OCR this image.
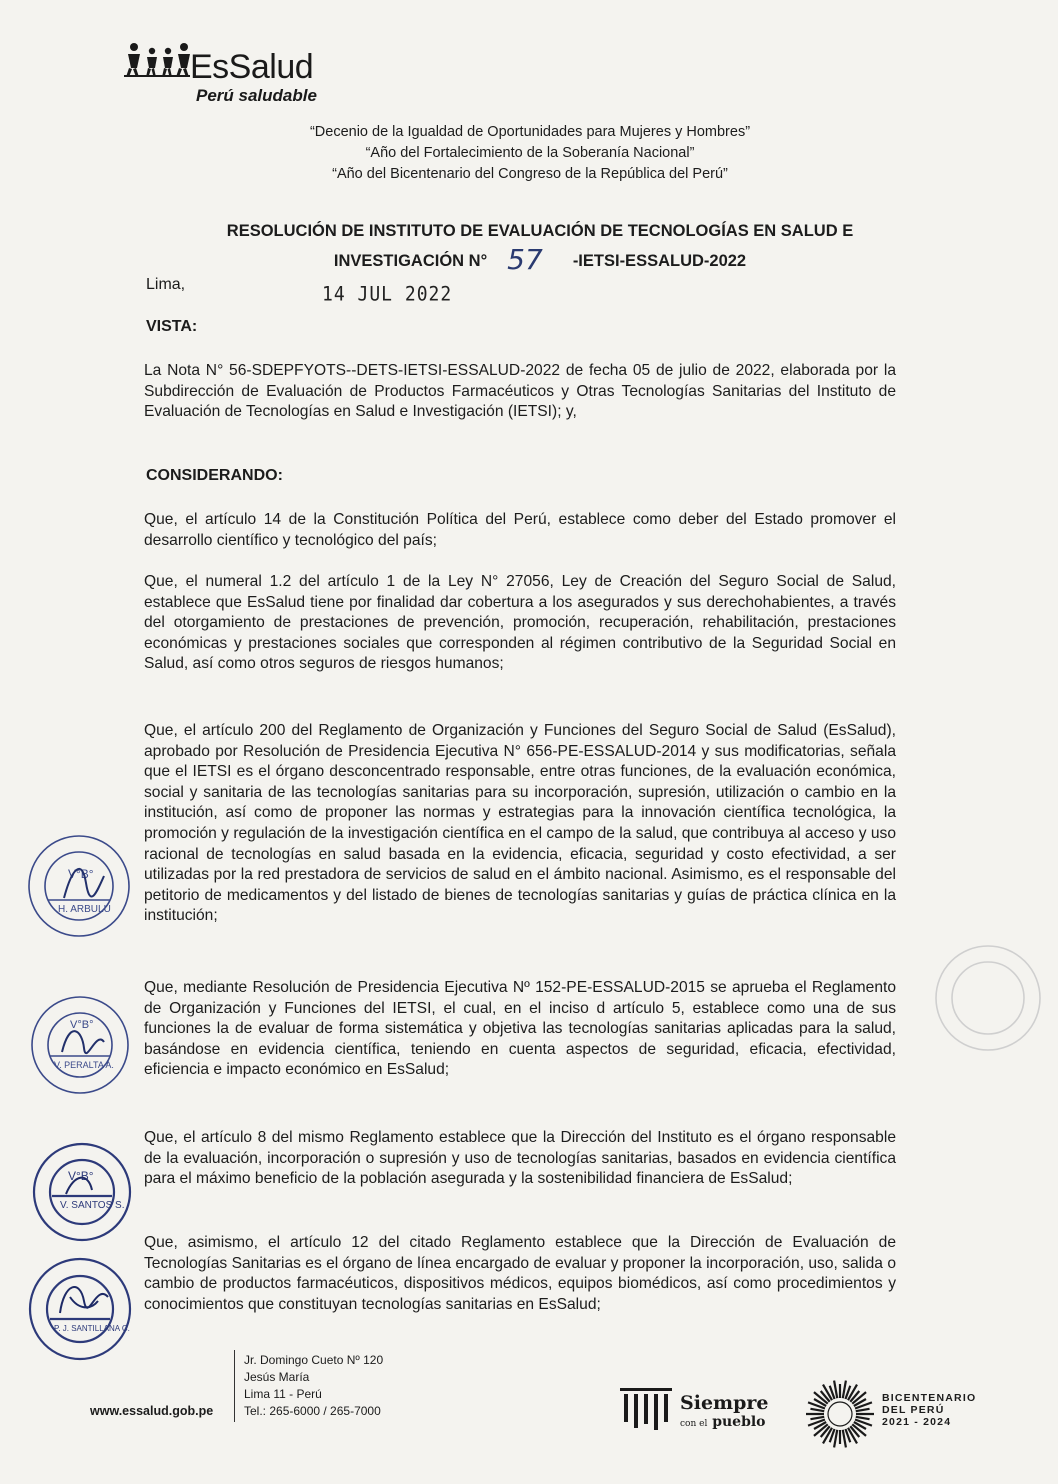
EsSalud
Perú saludable
“Decenio de la Igualdad de Oportunidades para Mujeres y Hombres”
“Año del Fortalecimiento de la Soberanía Nacional”
“Año del Bicentenario del Congreso de la República del Perú”
RESOLUCIÓN DE INSTITUTO DE EVALUACIÓN DE TECNOLOGÍAS EN SALUD E
INVESTIGACIÓN N° 57 -IETSI-ESSALUD-2022
Lima,	14 JUL 2022
VISTA:
La Nota N° 56-SDEPFYOTS--DETS-IETSI-ESSALUD-2022 de fecha 05 de julio de 2022, elaborada por la Subdirección de Evaluación de Productos Farmacéuticos y Otras Tecnologías Sanitarias del Instituto de Evaluación de Tecnologías en Salud e Investigación (IETSI); y,
CONSIDERANDO:
Que, el artículo 14 de la Constitución Política del Perú, establece como deber del Estado promover el desarrollo científico y tecnológico del país;
Que, el numeral 1.2 del artículo 1 de la Ley N° 27056, Ley de Creación del Seguro Social de Salud, establece que EsSalud tiene por finalidad dar cobertura a los asegurados y sus derechohabientes, a través del otorgamiento de prestaciones de prevención, promoción, recuperación, rehabilitación, prestaciones económicas y prestaciones sociales que corresponden al régimen contributivo de la Seguridad Social en Salud, así como otros seguros de riesgos humanos;
Que, el artículo 200 del Reglamento de Organización y Funciones del Seguro Social de Salud (EsSalud), aprobado por Resolución de Presidencia Ejecutiva N° 656-PE-ESSALUD-2014 y sus modificatorias, señala que el IETSI es el órgano desconcentrado responsable, entre otras funciones, de la evaluación económica, social y sanitaria de las tecnologías sanitarias para su incorporación, supresión, utilización o cambio en la institución, así como de proponer las normas y estrategias para la innovación científica tecnológica, la promoción y regulación de la investigación científica en el campo de la salud, que contribuya al acceso y uso racional de tecnologías en salud basada en la evidencia, eficacia, seguridad y costo efectividad, a ser utilizadas por la red prestadora de servicios de salud en el ámbito nacional. Asimismo, es el responsable del petitorio de medicamentos y del listado de bienes de tecnologías sanitarias y guías de práctica clínica en la institución;
Que, mediante Resolución de Presidencia Ejecutiva Nº 152-PE-ESSALUD-2015 se aprueba el Reglamento de Organización y Funciones del IETSI, el cual, en el inciso d artículo 5, establece como una de sus funciones la de evaluar de forma sistemática y objetiva las tecnologías sanitarias aplicadas para la salud, basándose en evidencia científica, teniendo en cuenta aspectos de seguridad, eficacia, efectividad, eficiencia e impacto económico en EsSalud;
Que, el artículo 8 del mismo Reglamento establece que la Dirección del Instituto es el órgano responsable de la evaluación, incorporación o supresión y uso de tecnologías sanitarias, basados en evidencia científica para el máximo beneficio de la población asegurada y la sostenibilidad financiera de EsSalud;
Que, asimismo, el artículo 12 del citado Reglamento establece que la Dirección de Evaluación de Tecnologías Sanitarias es el órgano de línea encargado de evaluar y proponer la incorporación, uso, salida o cambio de productos farmacéuticos, dispositivos médicos, equipos biomédicos, así como procedimientos y conocimientos que constituyan tecnologías sanitarias en EsSalud;
V°B°
H. ARBULU
V°B°
V. PERALTA A.
V°B°
V. SANTOS S.
P. J. SANTILLANA C.
www.essalud.gob.pe
Jr. Domingo Cueto Nº 120
Jesús María
Lima 11 - Perú
Tel.: 265-6000 / 265-7000	Siempre
con el pueblo
BICENTENARIO
DEL PERÚ
2021 - 2024
